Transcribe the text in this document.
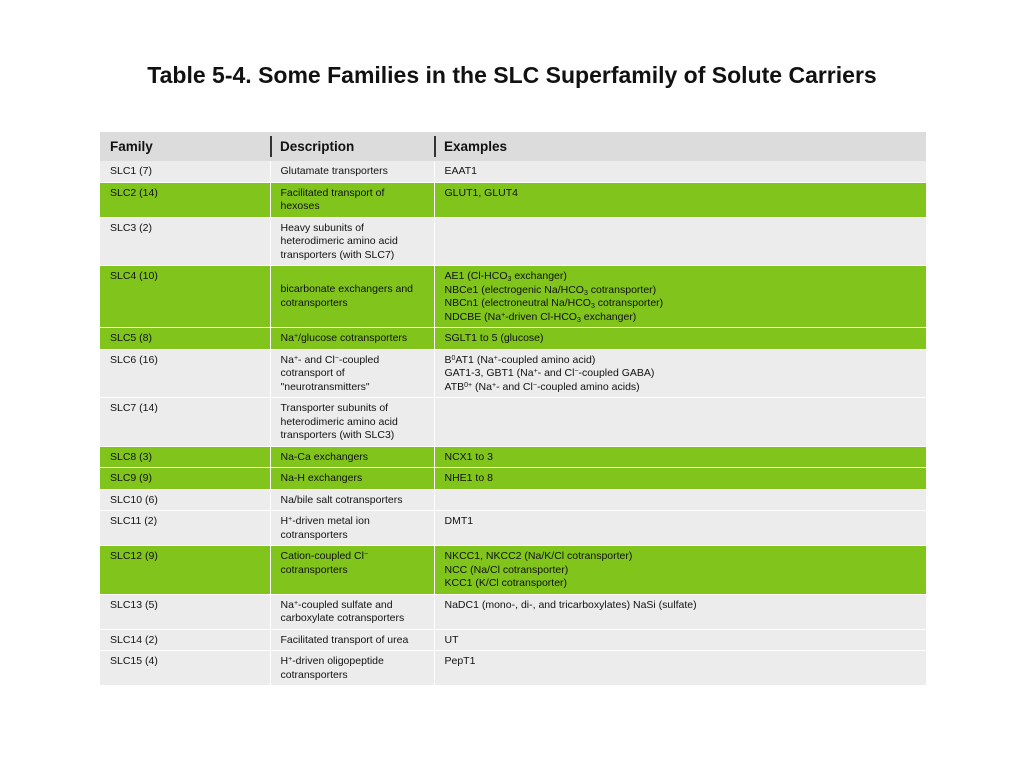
Table 5-4. Some Families in the SLC Superfamily of Solute Carriers
Family	Description	Examples
SLC1 (7)	Glutamate transporters	EAAT1
SLC2 (14)	Facilitated transport of hexoses	GLUT1, GLUT4
SLC3 (2)	Heavy subunits of heterodimeric amino acid transporters (with SLC7)	
SLC4 (10)	bicarbonate exchangers and cotransporters	AE1 ($Cl-HCO_3$ exchanger)
NBCe1 (electrogenic $Na/HCO_3$ cotransporter)
NBCn1 (electroneutral $Na/HCO_3$ cotransporter)
NDCBE (Na+-driven $Cl-HCO_3$ exchanger)

SLC5 (8)	Na+/glucose cotransporters	SGLT1 to 5 (glucose)
SLC6 (16)	Na+- and Cl−-coupled cotransport of "neurotransmitters"	$B^0AT1$ (Na+-coupled amino acid)
GAT1-3, GBT1 (Na+- and Cl−-coupled GABA)
$ATB^{0+}$ (Na+- and Cl−-coupled amino acids)

SLC7 (14)	Transporter subunits of heterodimeric amino acid transporters (with SLC3)	
SLC8 (3)	Na-Ca exchangers	NCX1 to 3
SLC9 (9)	Na-H exchangers	NHE1 to 8
SLC10 (6)	Na/bile salt cotransporters	
SLC11 (2)	H+-driven metal ion cotransporters	DMT1
SLC12 (9)	Cation-coupled Cl− cotransporters	NKCC1, NKCC2 (Na/K/Cl cotransporter)
NCC (Na/Cl cotransporter)
KCC1 (K/Cl cotransporter)

SLC13 (5)	Na+-coupled sulfate and carboxylate cotransporters	NaDC1 (mono-, di-, and tricarboxylates) NaSi (sulfate)
SLC14 (2)	Facilitated transport of urea	UT
SLC15 (4)	H+-driven oligopeptide cotransporters	PepT1
